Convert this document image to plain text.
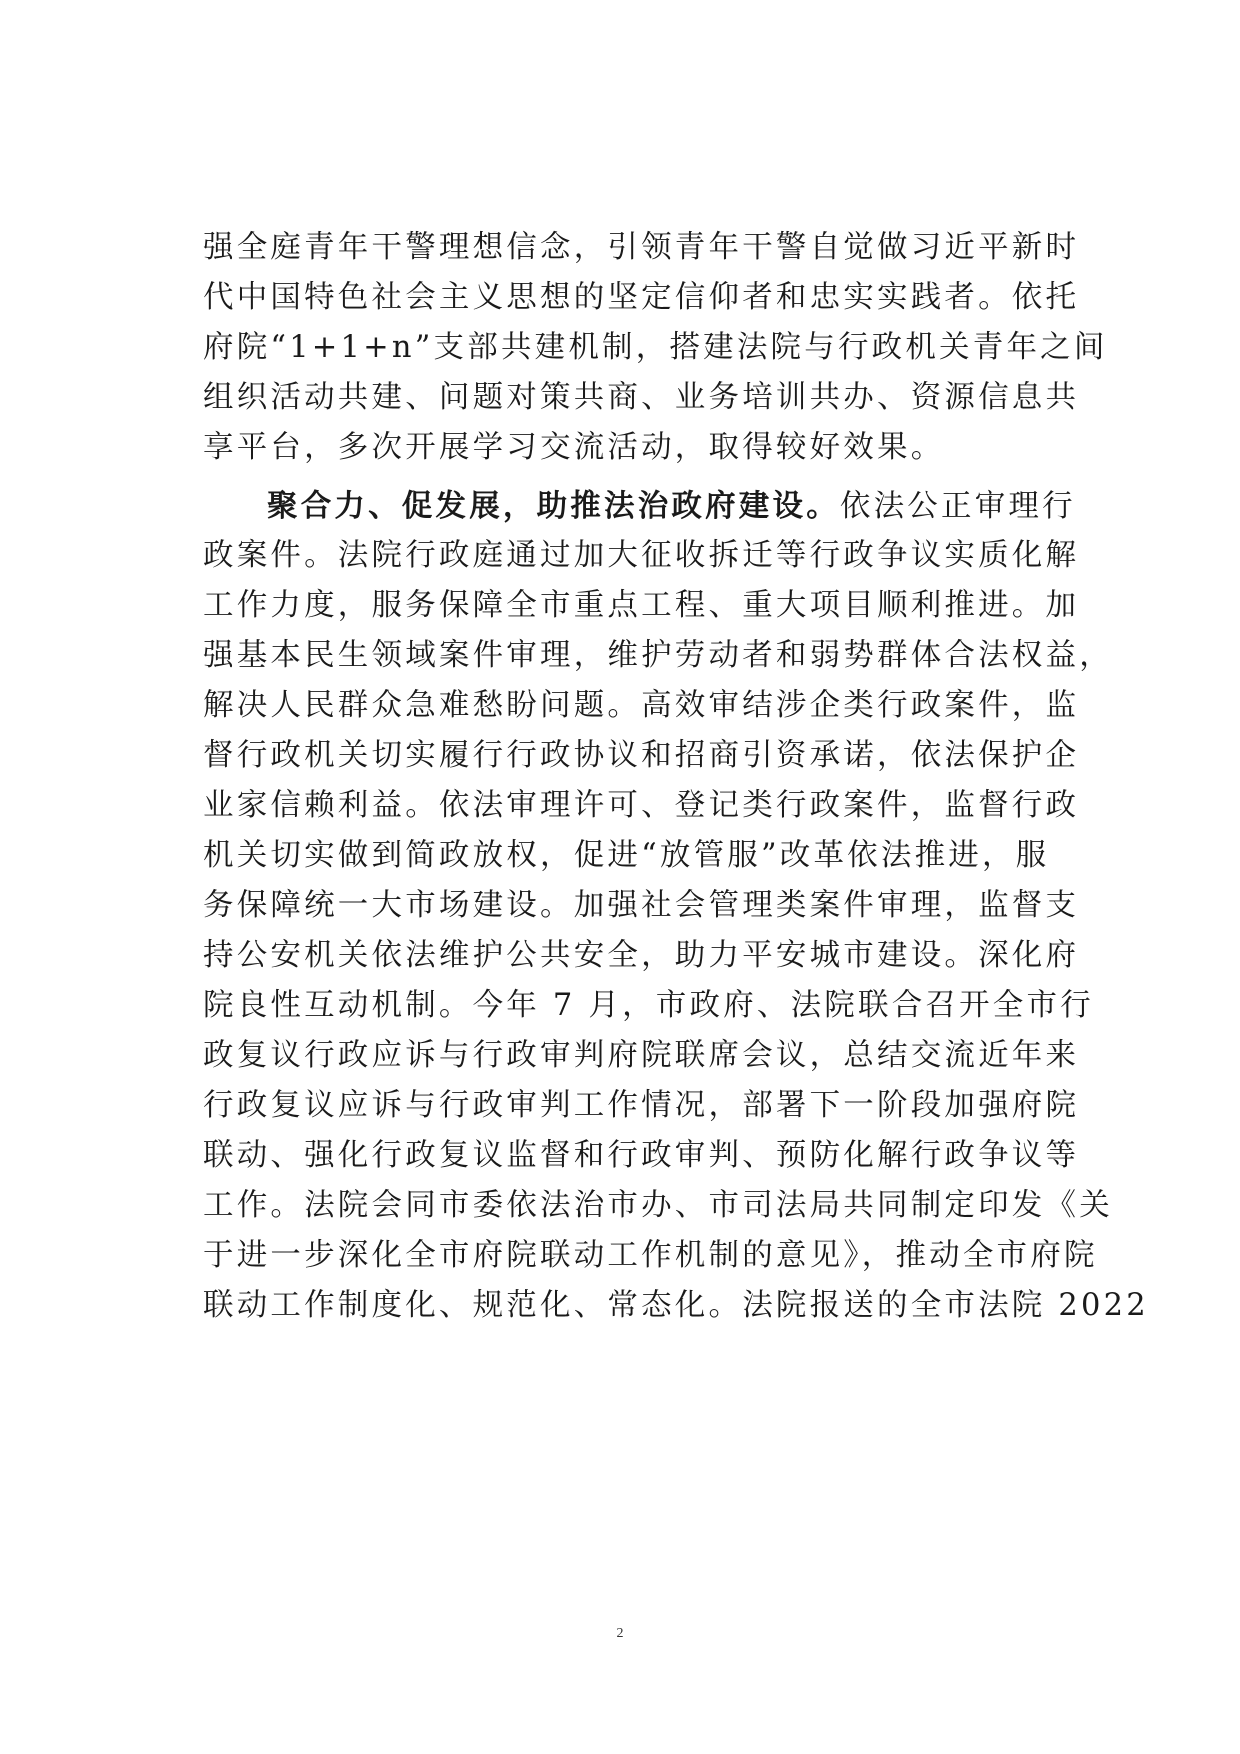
强全庭青年干警理想信念，引领青年干警自觉做习近平新时
代中国特色社会主义思想的坚定信仰者和忠实实践者。依托
府院“1+1+n”支部共建机制，搭建法院与行政机关青年之间
组织活动共建、问题对策共商、业务培训共办、资源信息共
享平台，多次开展学习交流活动，取得较好效果。

聚合力、促发展，助推法治政府建设。依法公正审理行
政案件。法院行政庭通过加大征收拆迁等行政争议实质化解
工作力度，服务保障全市重点工程、重大项目顺利推进。加
强基本民生领域案件审理，维护劳动者和弱势群体合法权益，
解决人民群众急难愁盼问题。高效审结涉企类行政案件，监
督行政机关切实履行行政协议和招商引资承诺，依法保护企
业家信赖利益。依法审理许可、登记类行政案件，监督行政
机关切实做到简政放权，促进“放管服”改革依法推进，服
务保障统一大市场建设。加强社会管理类案件审理，监督支
持公安机关依法维护公共安全，助力平安城市建设。深化府
院良性互动机制。今年 7 月，市政府、法院联合召开全市行
政复议行政应诉与行政审判府院联席会议，总结交流近年来
行政复议应诉与行政审判工作情况，部署下一阶段加强府院
联动、强化行政复议监督和行政审判、预防化解行政争议等
工作。法院会同市委依法治市办、市司法局共同制定印发《关
于进一步深化全市府院联动工作机制的意见》，推动全市府院
联动工作制度化、规范化、常态化。法院报送的全市法院 2022

2
